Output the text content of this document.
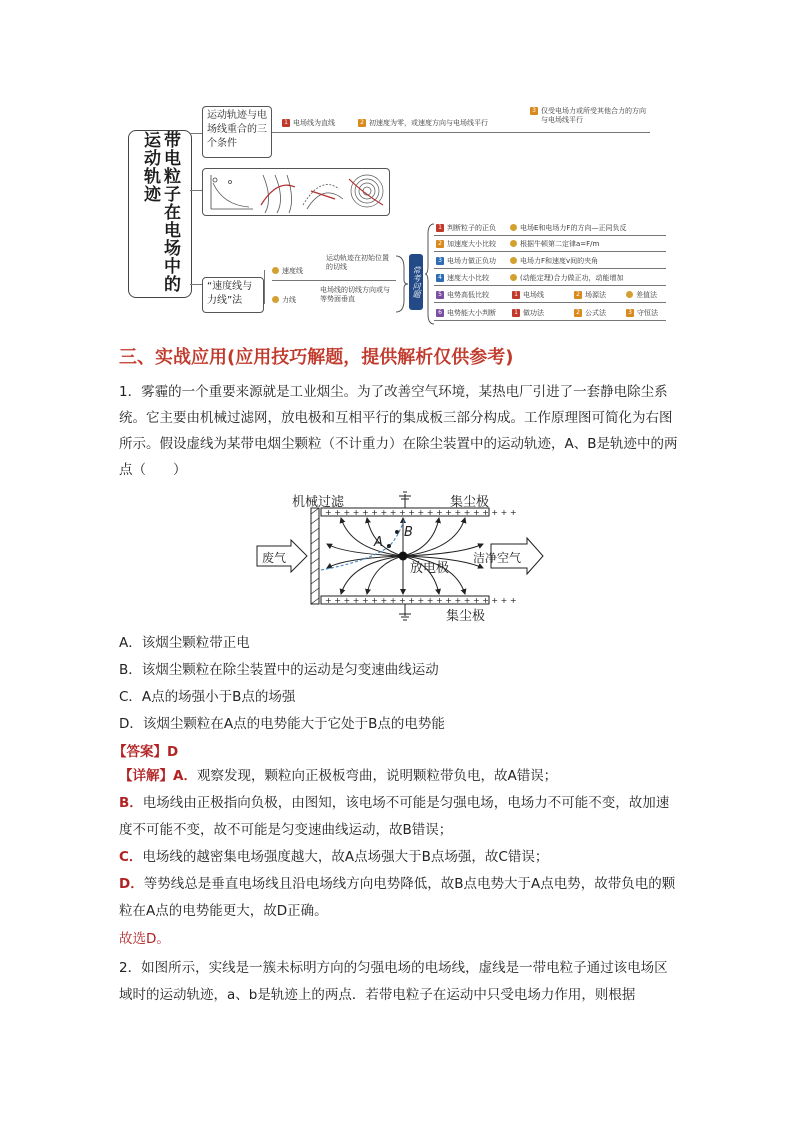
带电粒子在电场中的运动轨迹
运动轨迹与电场线重合的三个条件
1 电场线为直线	2 初速度为零，或速度方向与电场线平行
3 仅受电场力或所受其他合力的方向与电场线平行
“速度线与力线”法
速度线
运动轨迹在初始位置的切线
力线
电场线的切线方向或与等势面垂直
常考问题
1 判断粒子的正负	电场E和电场力F的方向—正同负反
2 加速度大小比较	根据牛顿第二定律a=F/m
3 电场力做正负功	电场力F和速度v间的夹角
4 速度大小比较	(动能定理)合力做正功，动能增加
5 电势高低比较	1 电场线	2 场源法	差值法
6 电势能大小判断	1 做功法	2 公式法	3 守恒法
三、实战应用(应用技巧解题，提供解析仅供参考)
1．雾霾的一个重要来源就是工业烟尘。为了改善空气环境，某热电厂引进了一套静电除尘系统。它主要由机械过滤网，放电极和互相平行的集成板三部分构成。工作原理图可简化为右图所示。假设虚线为某带电烟尘颗粒（不计重力）在除尘装置中的运动轨迹，A、B是轨迹中的两点（　　）
+ + + + + + + + + + + + + + + + + + + + +
+ + + + + + + + + + + + + + + + + + + + +
机械过滤	集尘极
集尘极
放电极
废气	洁净空气
A
B
A．该烟尘颗粒带正电
B．该烟尘颗粒在除尘装置中的运动是匀变速曲线运动
C．A点的场强小于B点的场强
D．该烟尘颗粒在A点的电势能大于它处于B点的电势能
【答案】D
【详解】A．观察发现，颗粒向正极板弯曲，说明颗粒带负电，故A错误；
B．电场线由正极指向负极，由图知，该电场不可能是匀强电场，电场力不可能不变，故加速度不可能不变，故不可能是匀变速曲线运动，故B错误；
C．电场线的越密集电场强度越大，故A点场强大于B点场强，故C错误；
D．等势线总是垂直电场线且沿电场线方向电势降低，故B点电势大于A点电势，故带负电的颗粒在A点的电势能更大，故D正确。
故选D。
2．如图所示，实线是一簇未标明方向的匀强电场的电场线，虚线是一带电粒子通过该电场区域时的运动轨迹，a、b是轨迹上的两点．若带电粒子在运动中只受电场力作用，则根据
